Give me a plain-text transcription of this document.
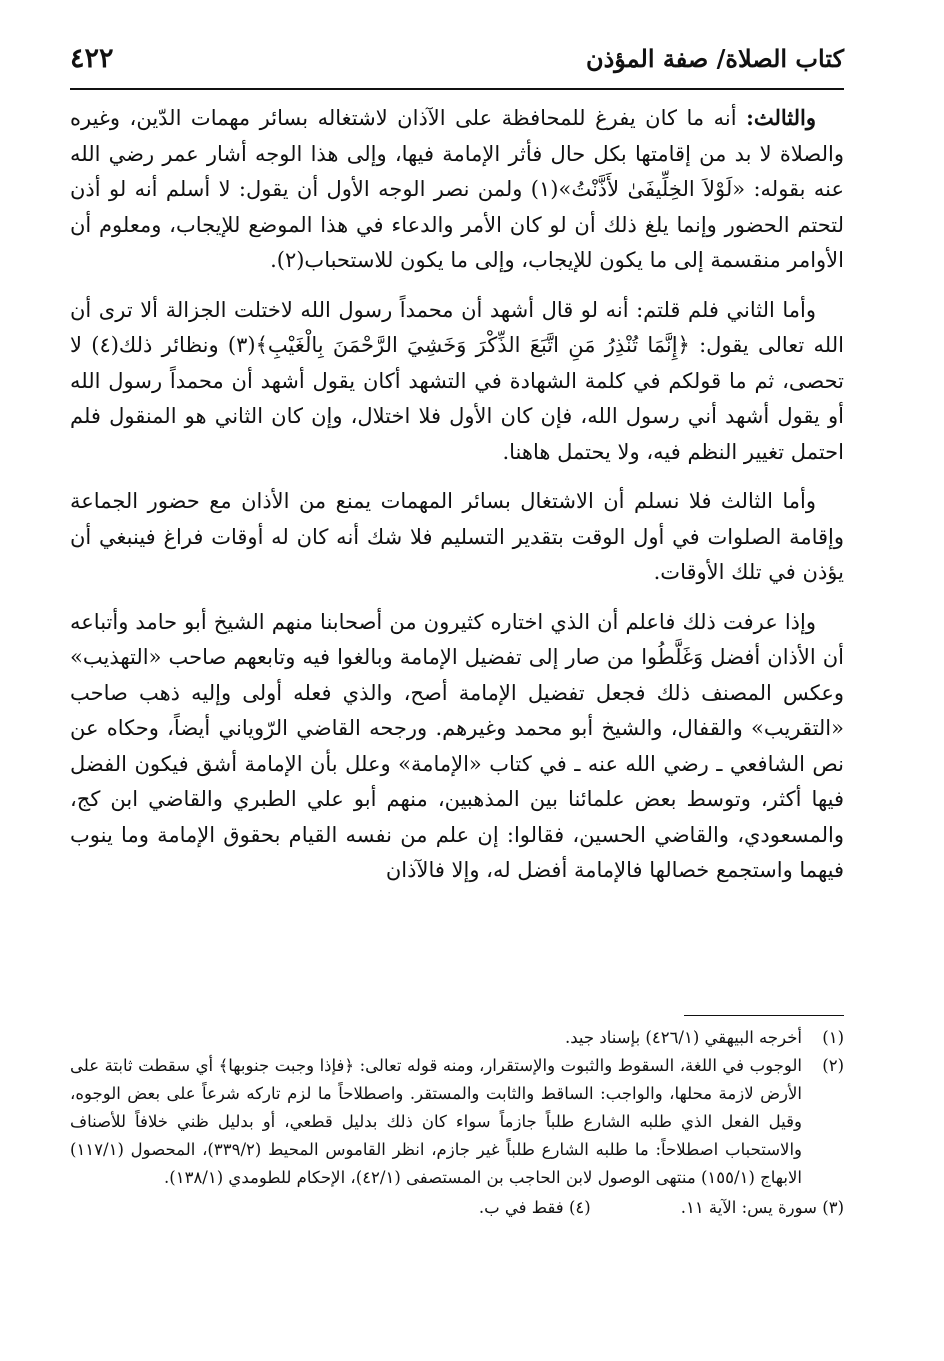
٤٢٢	كتاب الصلاة/ صفة المؤذن

والثالث: أنه ما كان يفرغ للمحافظة على الآذان لاشتغاله بسائر مهمات الدّين، وغيره والصلاة لا بد من إقامتها بكل حال فأثر الإمامة فيها، وإلى هذا الوجه أشار عمر رضي الله عنه بقوله: «لَوْلاَ الخِلِّيفَىٰ لأَذَّنْتُ»(١) ولمن نصر الوجه الأول أن يقول: لا أسلم أنه لو أذن لتحتم الحضور وإنما يلغ ذلك أن لو كان الأمر والدعاء في هذا الموضع للإيجاب، ومعلوم أن الأوامر منقسمة إلى ما يكون للإيجاب، وإلى ما يكون للاستحباب(٢).

وأما الثاني فلم قلتم: أنه لو قال أشهد أن محمداً رسول الله لاختلت الجزالة ألا ترى أن الله تعالى يقول: ﴿إِنَّمَا تُنْذِرُ مَنِ اتَّبَعَ الذِّكْرَ وَخَشِيَ الرَّحْمَنَ بِالْغَيْبِ﴾(٣) ونظائر ذلك(٤) لا تحصى، ثم ما قولكم في كلمة الشهادة في التشهد أكان يقول أشهد أن محمداً رسول الله أو يقول أشهد أني رسول الله، فإن كان الأول فلا اختلال، وإن كان الثاني هو المنقول فلم احتمل تغيير النظم فيه، ولا يحتمل هاهنا.

وأما الثالث فلا نسلم أن الاشتغال بسائر المهمات يمنع من الأذان مع حضور الجماعة وإقامة الصلوات في أول الوقت بتقدير التسليم فلا شك أنه كان له أوقات فراغ فينبغي أن يؤذن في تلك الأوقات.

وإذا عرفت ذلك فاعلم أن الذي اختاره كثيرون من أصحابنا منهم الشيخ أبو حامد وأتباعه أن الأذان أفضل وَغَلَّطُوا من صار إلى تفضيل الإمامة وبالغوا فيه وتابعهم صاحب «التهذيب» وعكس المصنف ذلك فجعل تفضيل الإمامة أصح، والذي فعله أولى وإليه ذهب صاحب «التقريب» والقفال، والشيخ أبو محمد وغيرهم. ورجحه القاضي الرّوياني أيضاً، وحكاه عن نص الشافعي ـ رضي الله عنه ـ في كتاب «الإمامة» وعلل بأن الإمامة أشق فيكون الفضل فيها أكثر، وتوسط بعض علمائنا بين المذهبين، منهم أبو علي الطبري والقاضي ابن كج، والمسعودي، والقاضي الحسين، فقالوا: إن علم من نفسه القيام بحقوق الإمامة وما ينوب فيهما واستجمع خصالها فالإمامة أفضل له، وإلا فالآذان

(١)
أخرجه البيهقي (٤٢٦/١) بإسناد جيد.
(٢)
الوجوب في اللغة، السقوط والثبوت والإستقرار، ومنه قوله تعالى: ﴿فإذا وجبت جنوبها﴾ أي سقطت ثابتة على الأرض لازمة محلها، والواجب: الساقط والثابت والمستقر. واصطلاحاً ما لزم تاركه شرعاً على بعض الوجوه، وقيل الفعل الذي طلبه الشارع طلباً جازماً سواء كان ذلك بدليل قطعي، أو بدليل ظني خلافاً للأصناف والاستحباب اصطلاحاً: ما طلبه الشارع طلباً غير جازم، انظر القاموس المحيط (٣٣٩/٢)، المحصول (١١٧/١) الابهاج (١٥٥/١) منتهى الوصول لابن الحاجب بن المستصفى (٤٢/١)، الإحكام للطومدي (١٣٨/١).
(٣) سورة يس: الآية ١١.
(٤) فقط في ب.
